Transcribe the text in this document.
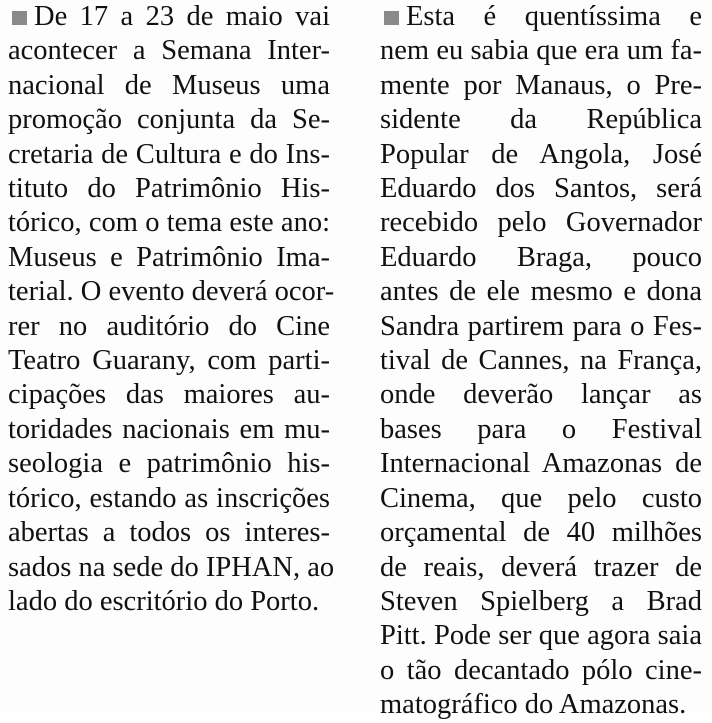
De 17 a 23 de maio vai
acontecer a Semana Inter-
nacional de Museus uma
promoção conjunta da Se-
cretaria de Cultura e do Ins-
tituto do Patrimônio His-
tórico, com o tema este ano:
Museus e Patrimônio Ima-
terial. O evento deverá ocor-
rer no auditório do Cine
Teatro Guarany, com parti-
cipações das maiores au-
toridades nacionais em mu-
seologia e patrimônio his-
tórico, estando as inscrições
abertas a todos os interes-
sados na sede do IPHAN, ao
lado do escritório do Porto.
Esta é quentíssima e
nem eu sabia que era um fa-
mente por Manaus, o Pre-
sidente da República
Popular de Angola, José
Eduardo dos Santos, será
recebido pelo Governador
Eduardo Braga, pouco
antes de ele mesmo e dona
Sandra partirem para o Fes-
tival de Cannes, na França,
onde deverão lançar as
bases para o Festival
Internacional Amazonas de
Cinema, que pelo custo
orçamental de 40 milhões
de reais, deverá trazer de
Steven Spielberg a Brad
Pitt. Pode ser que agora saia
o tão decantado pólo cine-
matográfico do Amazonas.
